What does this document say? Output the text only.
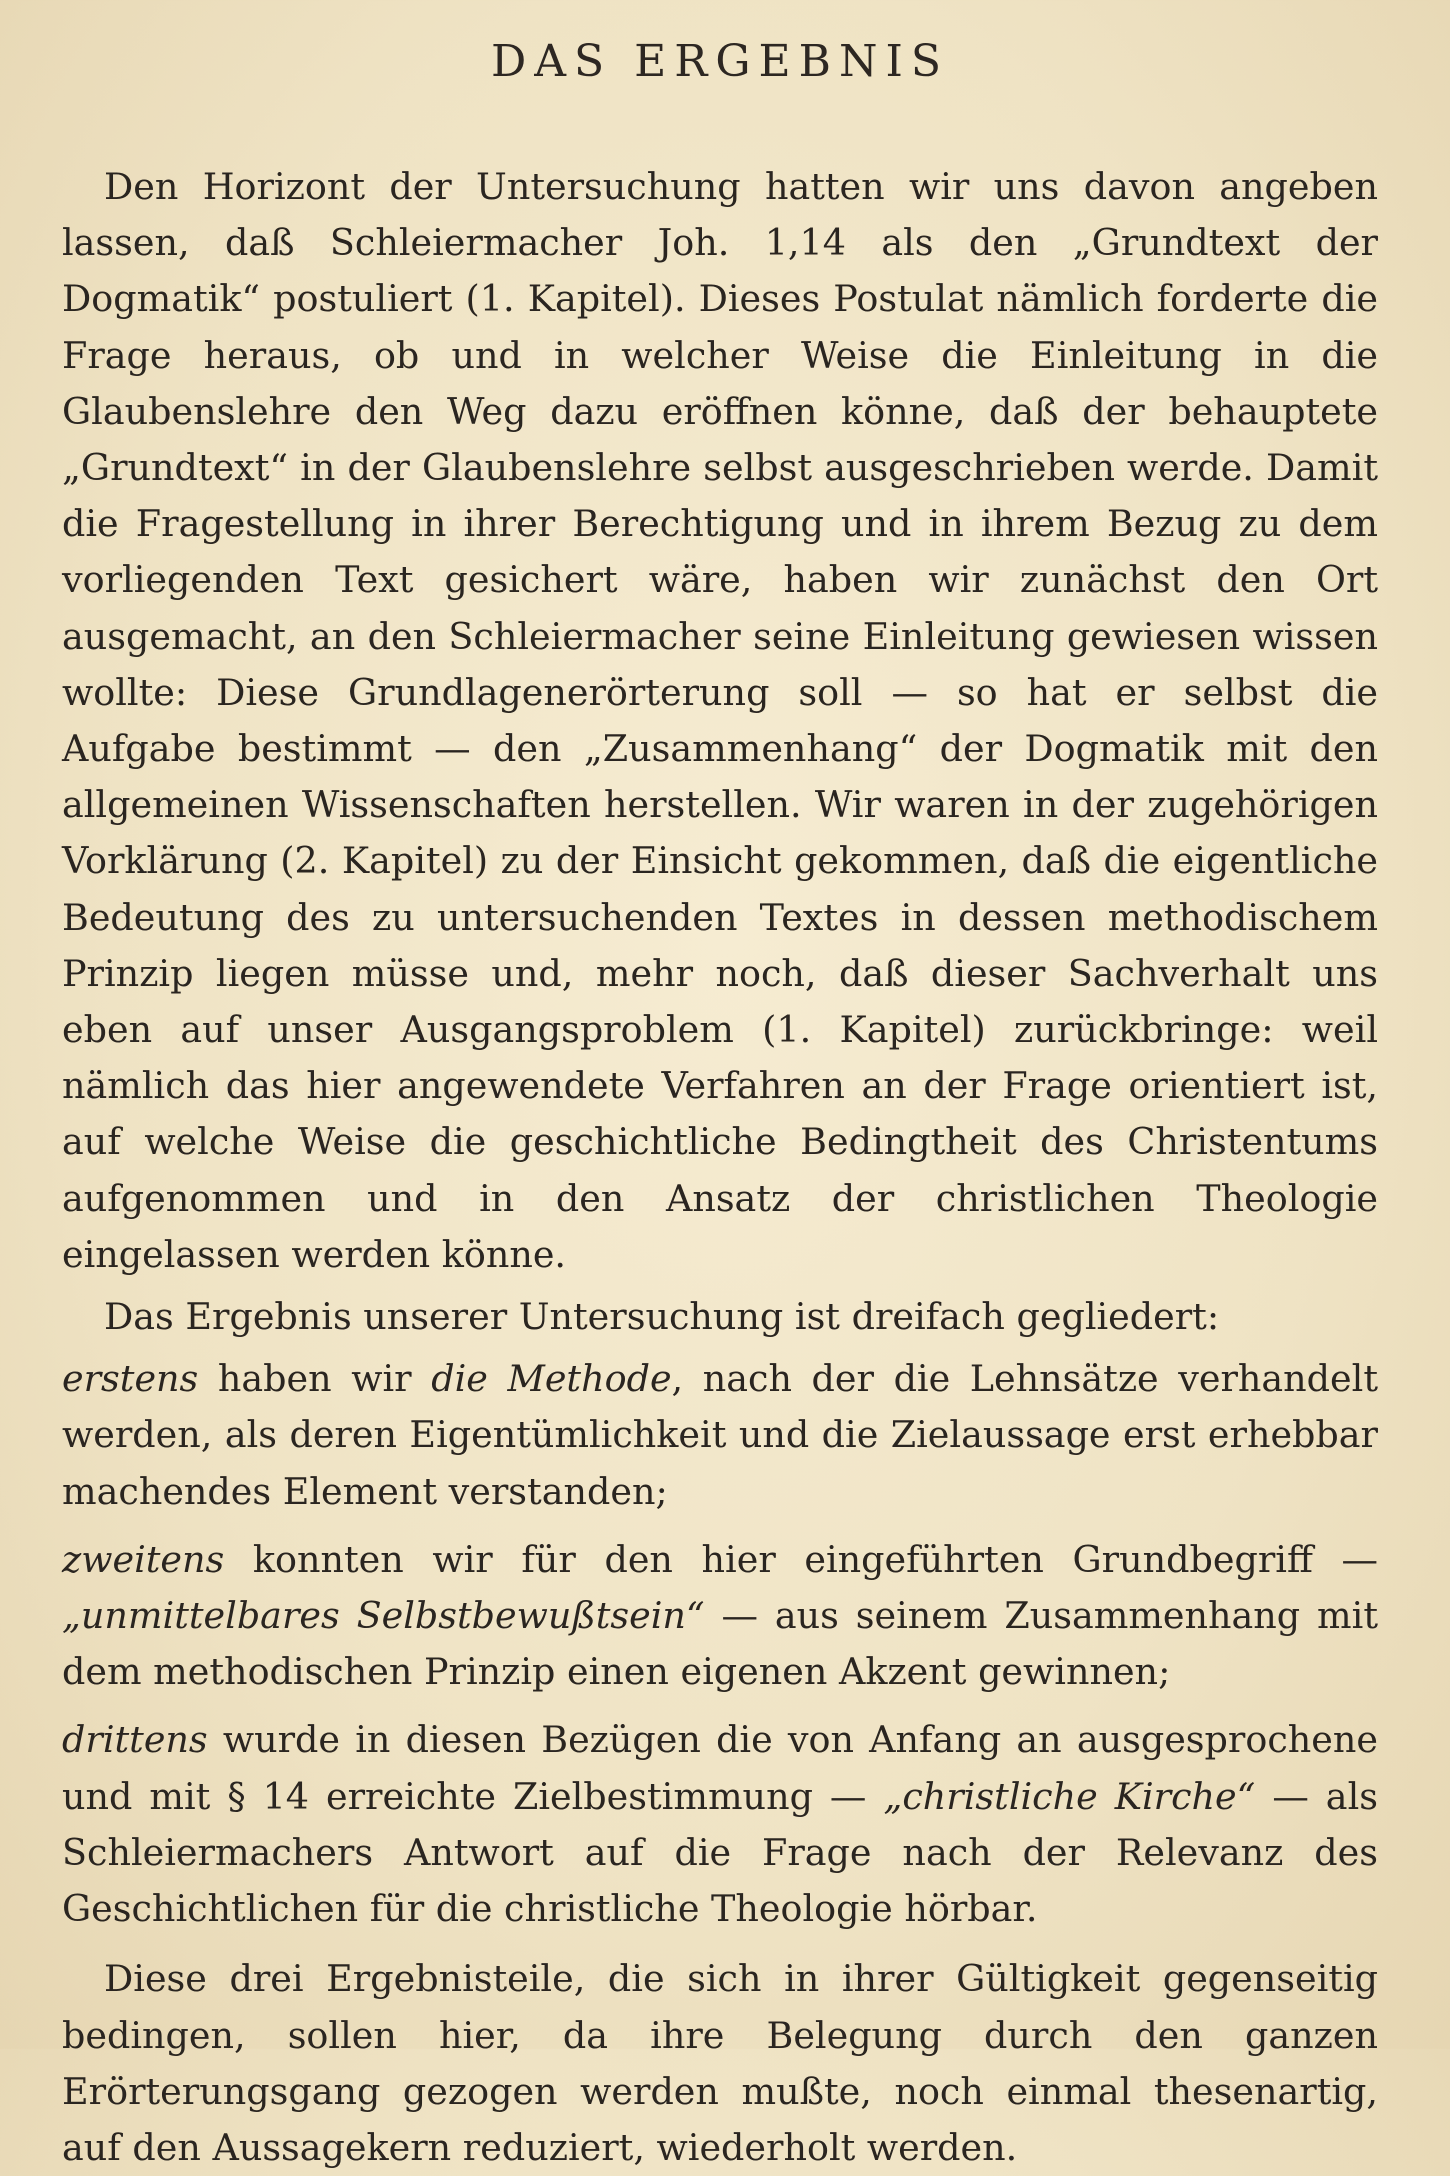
DAS ERGEBNIS

Den Horizont der Untersuchung hatten wir uns davon angeben lassen, daß Schleiermacher Joh. 1,14 als den „Grundtext der Dogmatik“ postuliert (1. Kapitel). Dieses Postulat nämlich forderte die Frage heraus, ob und in welcher Weise die Einleitung in die Glaubenslehre den Weg dazu eröffnen könne, daß der behauptete „Grundtext“ in der Glaubenslehre selbst ausgeschrieben werde. Damit die Fragestellung in ihrer Berechtigung und in ihrem Bezug zu dem vorliegenden Text gesichert wäre, haben wir zunächst den Ort ausgemacht, an den Schleiermacher seine Einleitung gewiesen wissen wollte: Diese Grundlagenerörterung soll — so hat er selbst die Aufgabe bestimmt — den „Zusammenhang“ der Dogmatik mit den allgemeinen Wissenschaften herstellen. Wir waren in der zugehörigen Vorklärung (2. Kapitel) zu der Einsicht gekommen, daß die eigentliche Bedeutung des zu untersuchenden Textes in dessen methodischem Prinzip liegen müsse und, mehr noch, daß dieser Sachverhalt uns eben auf unser Ausgangsproblem (1. Kapitel) zurückbringe: weil nämlich das hier angewendete Verfahren an der Frage orientiert ist, auf welche Weise die geschichtliche Bedingtheit des Christentums aufgenommen und in den Ansatz der christlichen Theologie eingelassen werden könne.

Das Ergebnis unserer Untersuchung ist dreifach gegliedert:

erstens haben wir die Methode, nach der die Lehnsätze verhandelt werden, als deren Eigentümlichkeit und die Zielaussage erst erhebbar machendes Element verstanden;

zweitens konnten wir für den hier eingeführten Grundbegriff — „unmittelbares Selbstbewußtsein“ — aus seinem Zusammenhang mit dem methodischen Prinzip einen eigenen Akzent gewinnen;

drittens wurde in diesen Bezügen die von Anfang an ausgesprochene und mit § 14 erreichte Zielbestimmung — „christliche Kirche“ — als Schleiermachers Antwort auf die Frage nach der Relevanz des Geschichtlichen für die christliche Theologie hörbar.

Diese drei Ergebnisteile, die sich in ihrer Gültigkeit gegenseitig bedingen, sollen hier, da ihre Belegung durch den ganzen Erörterungsgang gezogen werden mußte, noch einmal thesenartig, auf den Aussagekern reduziert, wiederholt werden.
